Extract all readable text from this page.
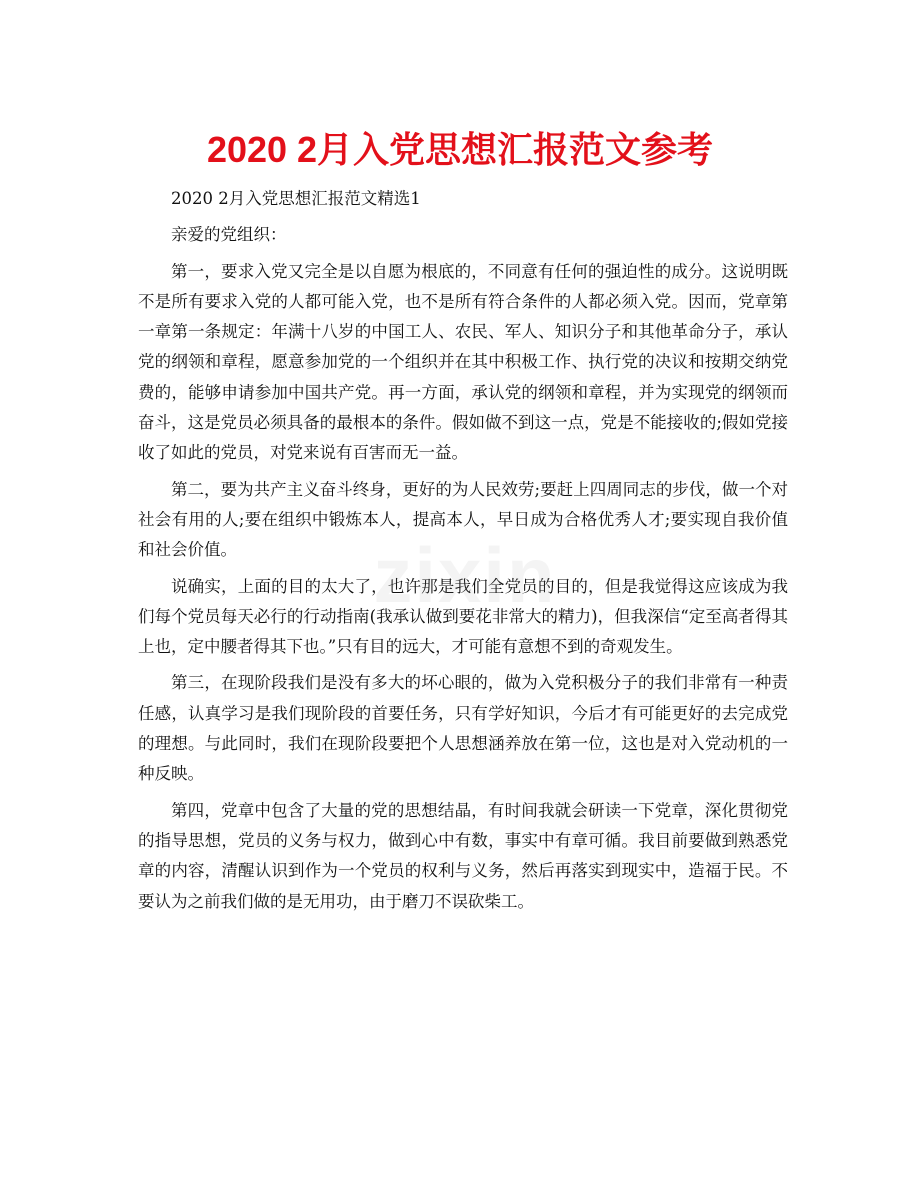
2020 2月入党思想汇报范文参考

2020 2月入党思想汇报范文精选1

亲爱的党组织：

第一，要求入党又完全是以自愿为根底的，不同意有任何的强迫性的成分。这说明既不是所有要求入党的人都可能入党，也不是所有符合条件的人都必须入党。因而，党章第一章第一条规定：年满十八岁的中国工人、农民、军人、知识分子和其他革命分子，承认党的纲领和章程，愿意参加党的一个组织并在其中积极工作、执行党的决议和按期交纳党费的，能够申请参加中国共产党。再一方面，承认党的纲领和章程，并为实现党的纲领而奋斗，这是党员必须具备的最根本的条件。假如做不到这一点，党是不能接收的;假如党接收了如此的党员，对党来说有百害而无一益。

第二，要为共产主义奋斗终身，更好的为人民效劳;要赶上四周同志的步伐，做一个对社会有用的人;要在组织中锻炼本人，提高本人，早日成为合格优秀人才;要实现自我价值和社会价值。

说确实，上面的目的太大了，也许那是我们全党员的目的，但是我觉得这应该成为我们每个党员每天必行的行动指南(我承认做到要花非常大的精力)，但我深信“定至高者得其上也，定中腰者得其下也。”只有目的远大，才可能有意想不到的奇观发生。

第三，在现阶段我们是没有多大的坏心眼的，做为入党积极分子的我们非常有一种责任感，认真学习是我们现阶段的首要任务，只有学好知识，今后才有可能更好的去完成党的理想。与此同时，我们在现阶段要把个人思想涵养放在第一位，这也是对入党动机的一种反映。

第四，党章中包含了大量的党的思想结晶，有时间我就会研读一下党章，深化贯彻党的指导思想，党员的义务与权力，做到心中有数，事实中有章可循。我目前要做到熟悉党章的内容，清醒认识到作为一个党员的权利与义务，然后再落实到现实中，造福于民。不要认为之前我们做的是无用功，由于磨刀不误砍柴工。

zixin
